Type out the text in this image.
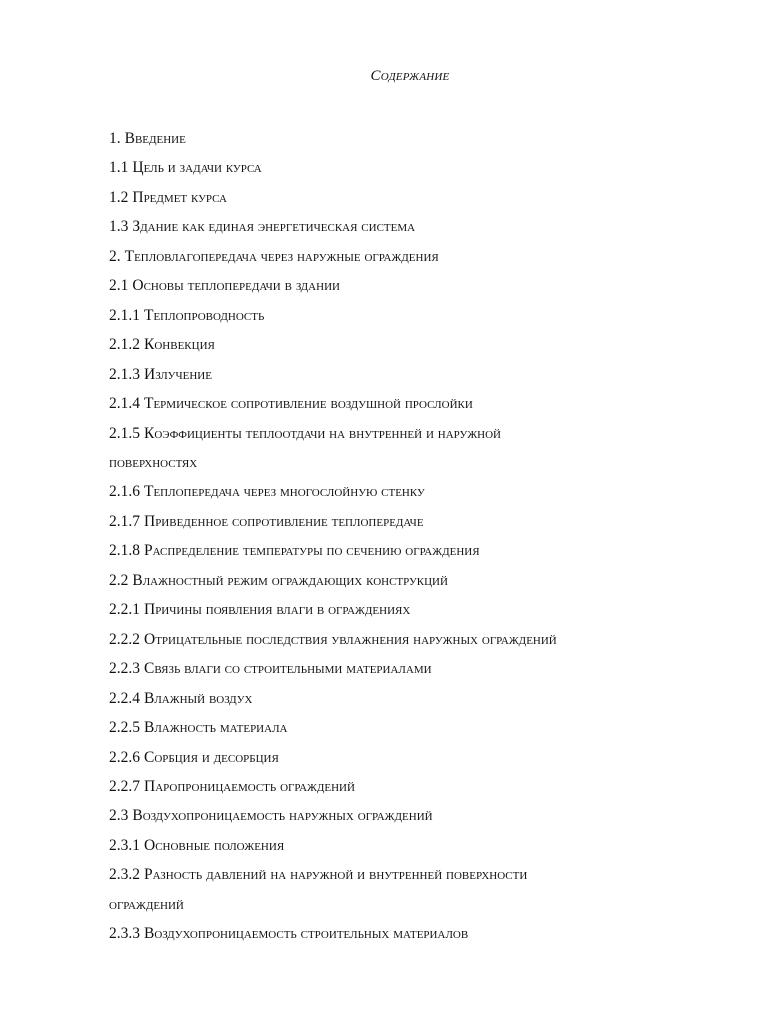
Содержание
1. Введение
1.1 Цель и задачи курса
1.2 Предмет курса
1.3 Здание как единая энергетическая система
2. Тепловлагопередача через наружные ограждения
2.1 Основы теплопередачи в здании
2.1.1 Теплопроводность
2.1.2 Конвекция
2.1.3 Излучение
2.1.4 Термическое сопротивление воздушной прослойки
2.1.5 Коэффициенты теплоотдачи на внутренней и наружной
поверхностях
2.1.6 Теплопередача через многослойную стенку
2.1.7 Приведенное сопротивление теплопередаче
2.1.8 Распределение температуры по сечению ограждения
2.2 Влажностный режим ограждающих конструкций
2.2.1 Причины появления влаги в ограждениях
2.2.2 Отрицательные последствия увлажнения наружных ограждений
2.2.3 Связь влаги со строительными материалами
2.2.4 Влажный воздух
2.2.5 Влажность материала
2.2.6 Сорбция и десорбция
2.2.7 Паропроницаемость ограждений
2.3 Воздухопроницаемость наружных ограждений
2.3.1 Основные положения
2.3.2 Разность давлений на наружной и внутренней поверхности
ограждений
2.3.3 Воздухопроницаемость строительных материалов
